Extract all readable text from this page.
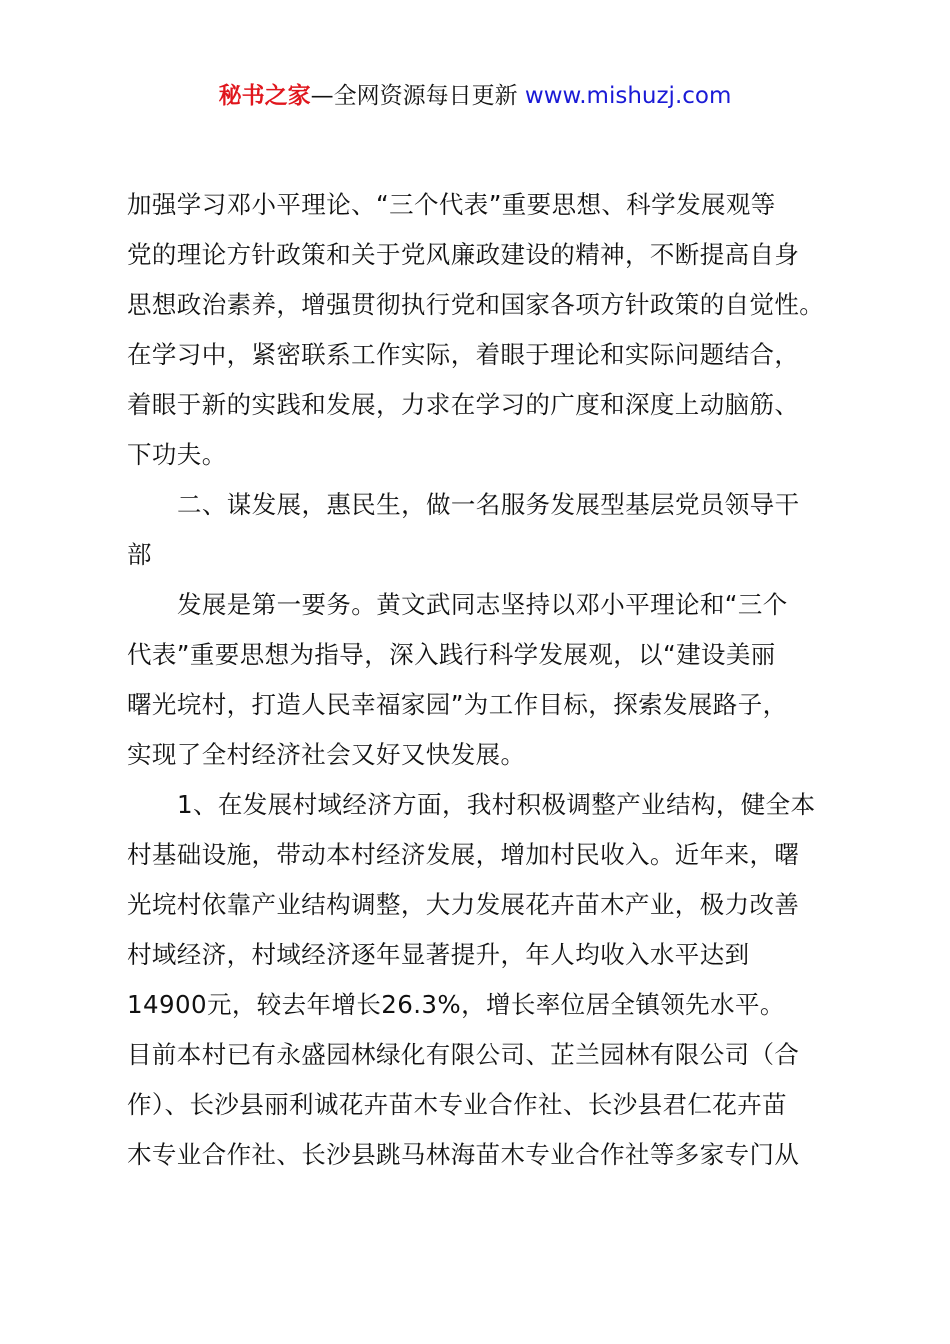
秘书之家—全网资源每日更新 www.mishuzj.com

加强学习邓小平理论、“三个代表”重要思想、科学发展观等
党的理论方针政策和关于党风廉政建设的精神，不断提高自身
思想政治素养，增强贯彻执行党和国家各项方针政策的自觉性。
在学习中，紧密联系工作实际，着眼于理论和实际问题结合，
着眼于新的实践和发展，力求在学习的广度和深度上动脑筋、
下功夫。

二、谋发展，惠民生，做一名服务发展型基层党员领导干
部

发展是第一要务。黄文武同志坚持以邓小平理论和“三个
代表”重要思想为指导，深入践行科学发展观，以“建设美丽
曙光垸村，打造人民幸福家园”为工作目标，探索发展路子，
实现了全村经济社会又好又快发展。

1、在发展村域经济方面，我村积极调整产业结构，健全本
村基础设施，带动本村经济发展，增加村民收入。近年来，曙
光垸村依靠产业结构调整，大力发展花卉苗木产业，极力改善
村域经济，村域经济逐年显著提升，年人均收入水平达到
14900元，较去年增长26.3%，增长率位居全镇领先水平。
目前本村已有永盛园林绿化有限公司、芷兰园林有限公司（合
作）、长沙县丽利诚花卉苗木专业合作社、长沙县君仁花卉苗
木专业合作社、长沙县跳马林海苗木专业合作社等多家专门从
